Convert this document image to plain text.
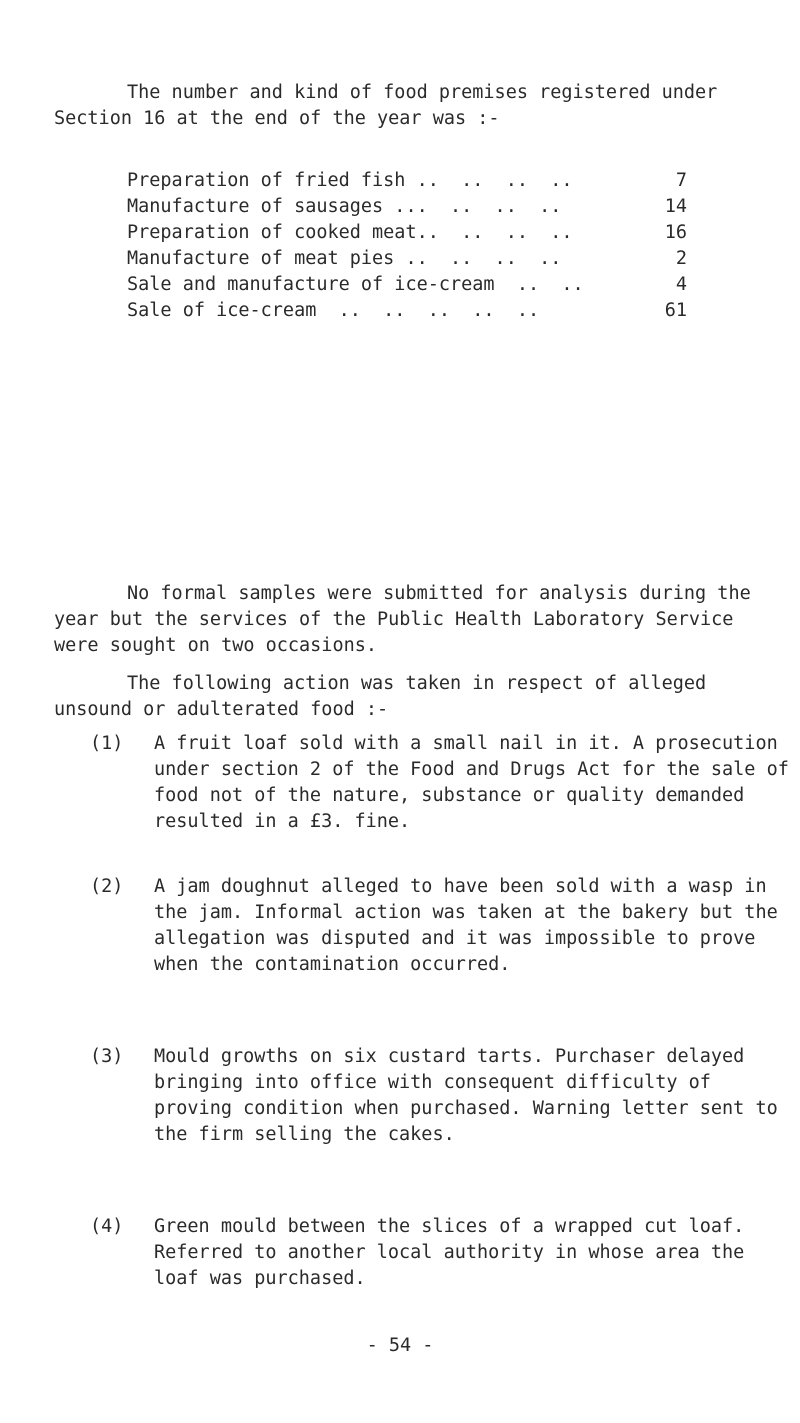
The number and kind of food premises registered under Section 16 at the end of the year was :-

Preparation of fried fish ..  ..  ..  ..	7
Manufacture of sausages ...  ..  ..  ..	14
Preparation of cooked meat..  ..  ..  ..	16
Manufacture of meat pies ..  ..  ..  ..	2
Sale and manufacture of ice-cream  ..  ..	4
Sale of ice-cream  ..  ..  ..  ..  ..	61

No formal samples were submitted for analysis during the year but the services of the Public Health Laboratory Service were sought on two occasions.

The following action was taken in respect of alleged unsound or adulterated food :-

(1)	A fruit loaf sold with a small nail in it. A prosecution under section 2 of the Food and Drugs Act for the sale of food not of the nature, substance or quality demanded resulted in a £3. fine.
(2)	A jam doughnut alleged to have been sold with a wasp in the jam. Informal action was taken at the bakery but the allegation was disputed and it was impossible to prove when the contamination occurred.
(3)	Mould growths on six custard tarts. Purchaser delayed bringing into office with consequent difficulty of proving condition when purchased. Warning letter sent to the firm selling the cakes.
(4)	Green mould between the slices of a wrapped cut loaf. Referred to another local authority in whose area the loaf was purchased.
- 54 -
